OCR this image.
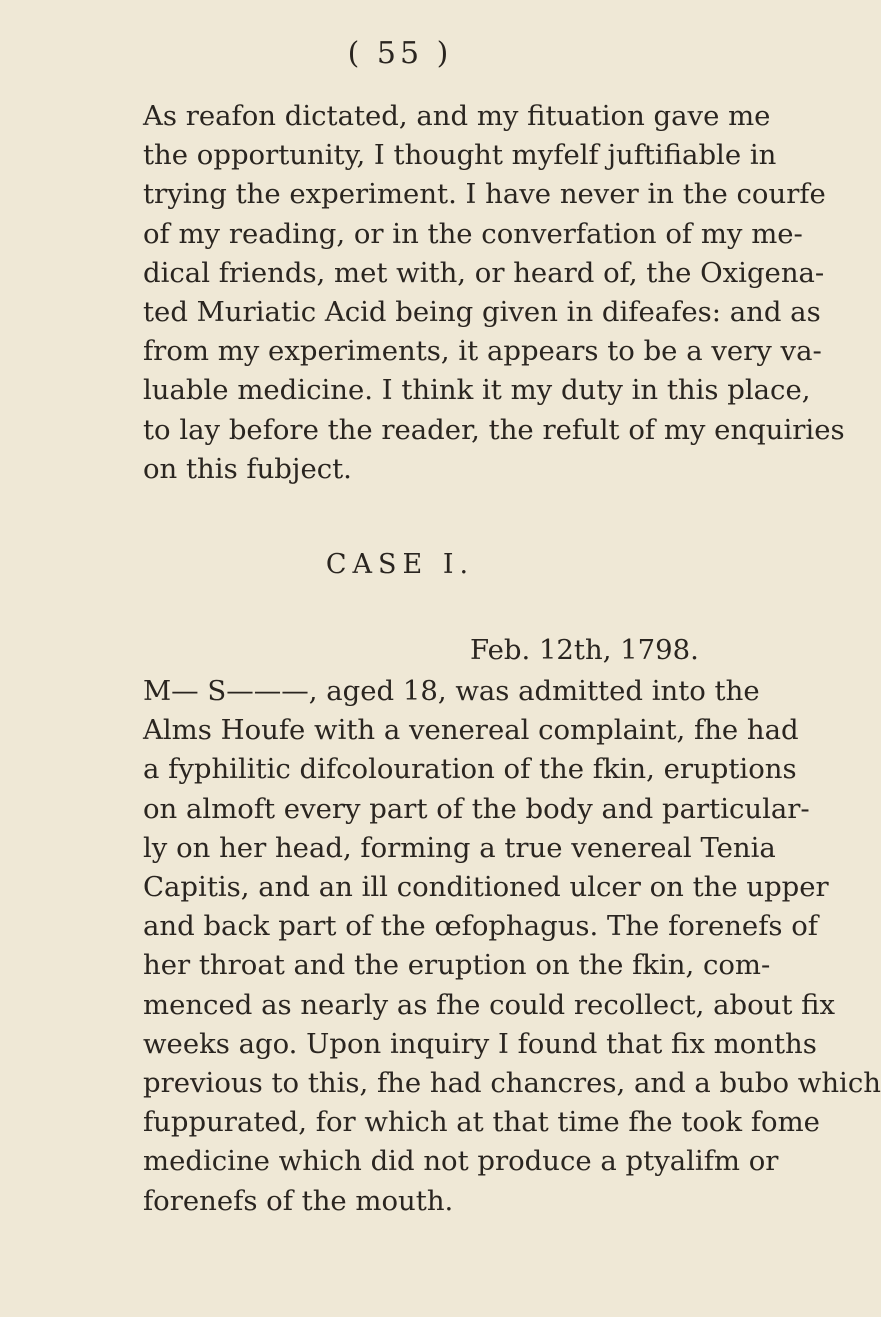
( 55 )
As reafon dictated, and my fituation gave me
the opportunity, I thought myfelf juftifiable in
trying the experiment. I have never in the courfe
of my reading, or in the converfation of my me-
dical friends, met with, or heard of, the Oxigena-
ted Muriatic Acid being given in difeafes: and as
from my experiments, it appears to be a very va-
luable medicine. I think it my duty in this place,
to lay before the reader, the refult of my enquiries
on this fubject.
CASE I.
Feb. 12th, 1798.
M— S———, aged 18, was admitted into the
Alms Houfe with a venereal complaint, fhe had
a fyphilitic difcolouration of the fkin, eruptions
on almoft every part of the body and particular-
ly on her head, forming a true venereal Tenia
Capitis, and an ill conditioned ulcer on the upper
and back part of the œfophagus. The forenefs of
her throat and the eruption on the fkin, com-
menced as nearly as fhe could recollect, about fix
weeks ago. Upon inquiry I found that fix months
previous to this, fhe had chancres, and a bubo which
fuppurated, for which at that time fhe took fome
medicine which did not produce a ptyalifm or
forenefs of the mouth.
